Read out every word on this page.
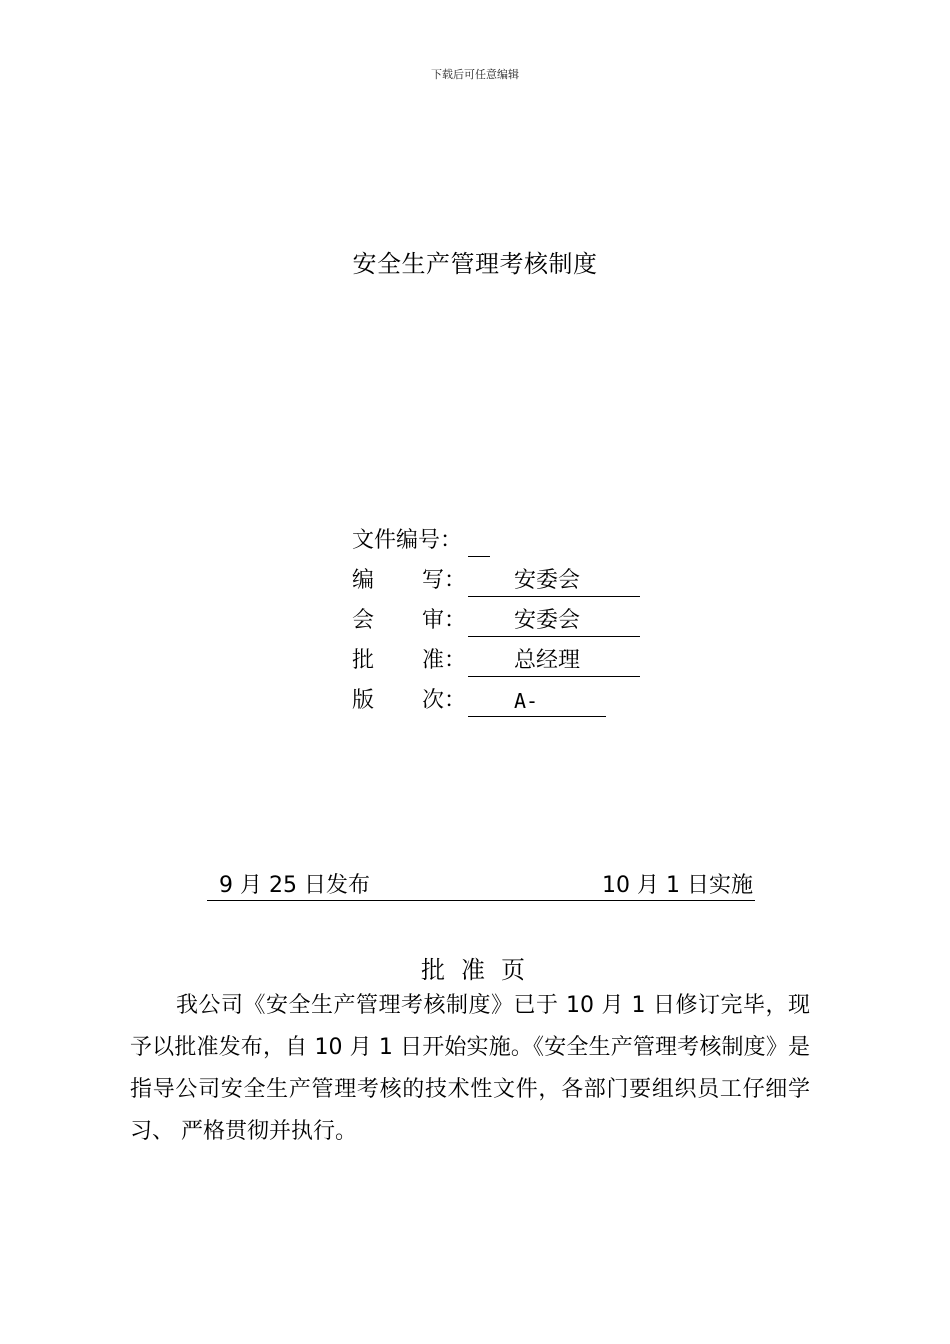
下载后可任意编辑
安全生产管理考核制度
文件编号：
编 写： 安委会
会 审： 安委会
批 准： 总经理
版 次： A-
9 月 25 日发布	10 月 1 日实施
批准页
我公司《安全生产管理考核制度》已于 10 月 1 日修订完毕，现予以批准发布，自 10 月 1 日开始实施。《安全生产管理考核制度》是指导公司安全生产管理考核的技术性文件，各部门要组织员工仔细学习、 严格贯彻并执行。
